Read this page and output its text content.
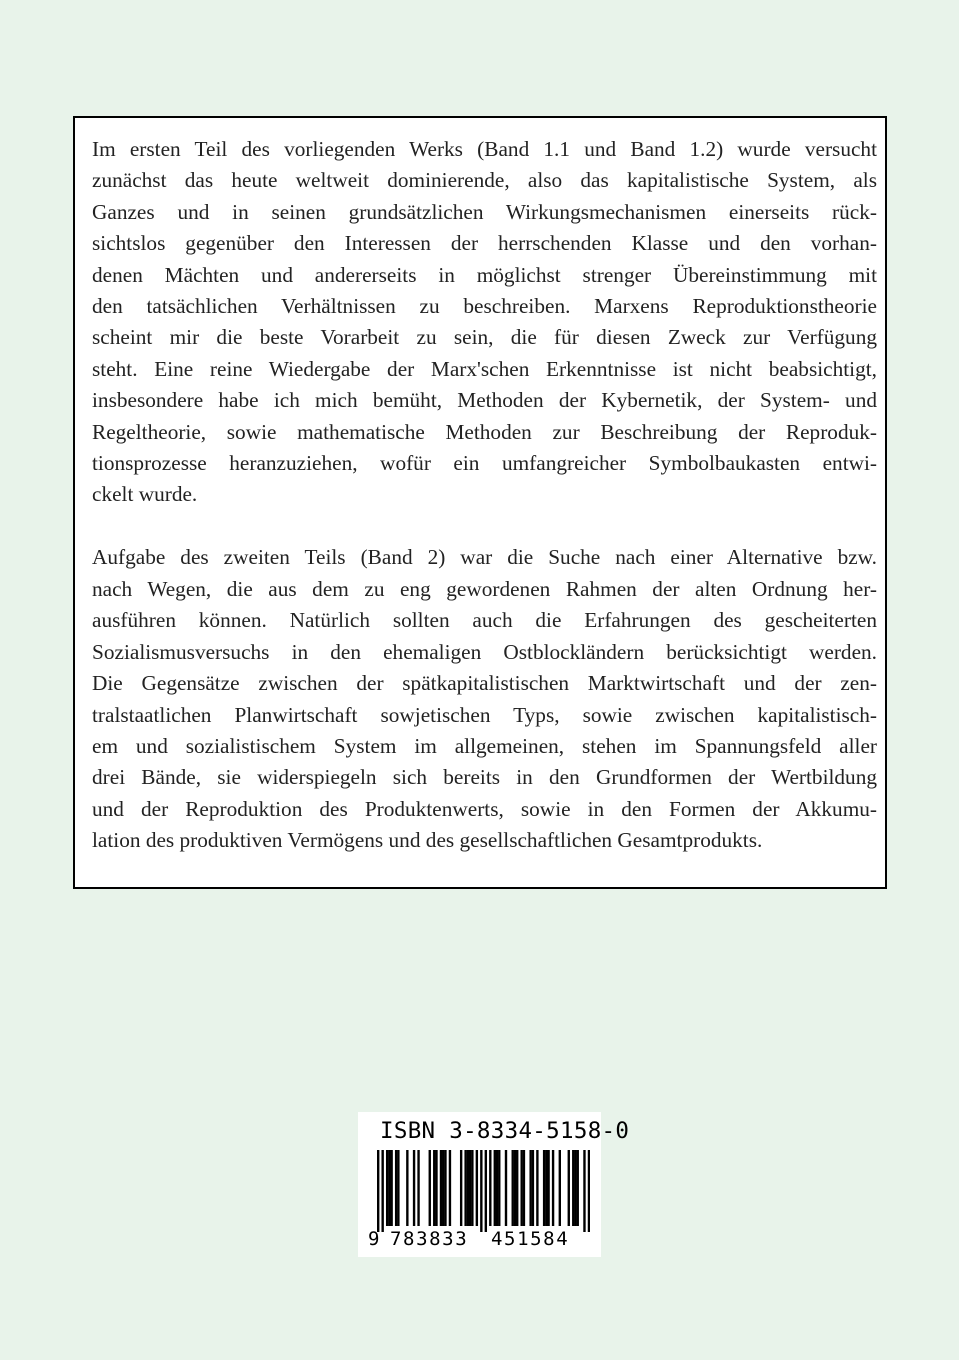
Im ersten Teil des vorliegenden Werks (Band 1.1 und Band 1.2) wurde versucht
zunächst das heute weltweit dominierende, also das kapitalistische System, als
Ganzes und in seinen grundsätzlichen Wirkungsmechanismen einerseits rück-
sichtslos gegenüber den Interessen der herrschenden Klasse und den vorhan-
denen Mächten und andererseits in möglichst strenger Übereinstimmung mit
den tatsächlichen Verhältnissen zu beschreiben. Marxens Reproduktionstheorie
scheint mir die beste Vorarbeit zu sein, die für diesen Zweck zur Verfügung
steht. Eine reine Wiedergabe der Marx'schen Erkenntnisse ist nicht beabsichtigt,
insbesondere habe ich mich bemüht, Methoden der Kybernetik, der System- und
Regeltheorie, sowie mathematische Methoden zur Beschreibung der Reproduk-
tionsprozesse heranzuziehen, wofür ein umfangreicher Symbolbaukasten entwi-
ckelt wurde.

Aufgabe des zweiten Teils (Band 2) war die Suche nach einer Alternative bzw.
nach Wegen, die aus dem zu eng gewordenen Rahmen der alten Ordnung her-
ausführen können. Natürlich sollten auch die Erfahrungen des gescheiterten
Sozialismusversuchs in den ehemaligen Ostblockländern berücksichtigt werden.
Die Gegensätze zwischen der spätkapitalistischen Marktwirtschaft und der zen-
tralstaatlichen Planwirtschaft sowjetischen Typs, sowie zwischen kapitalistisch-
em und sozialistischem System im allgemeinen, stehen im Spannungsfeld aller
drei Bände, sie widerspiegeln sich bereits in den Grundformen der Wertbildung
und der Reproduktion des Produktenwerts, sowie in den Formen der Akkumu-
lation des produktiven Vermögens und des gesellschaftlichen Gesamtprodukts.

ISBN 3-8334-5158-0
9 783833 451584
